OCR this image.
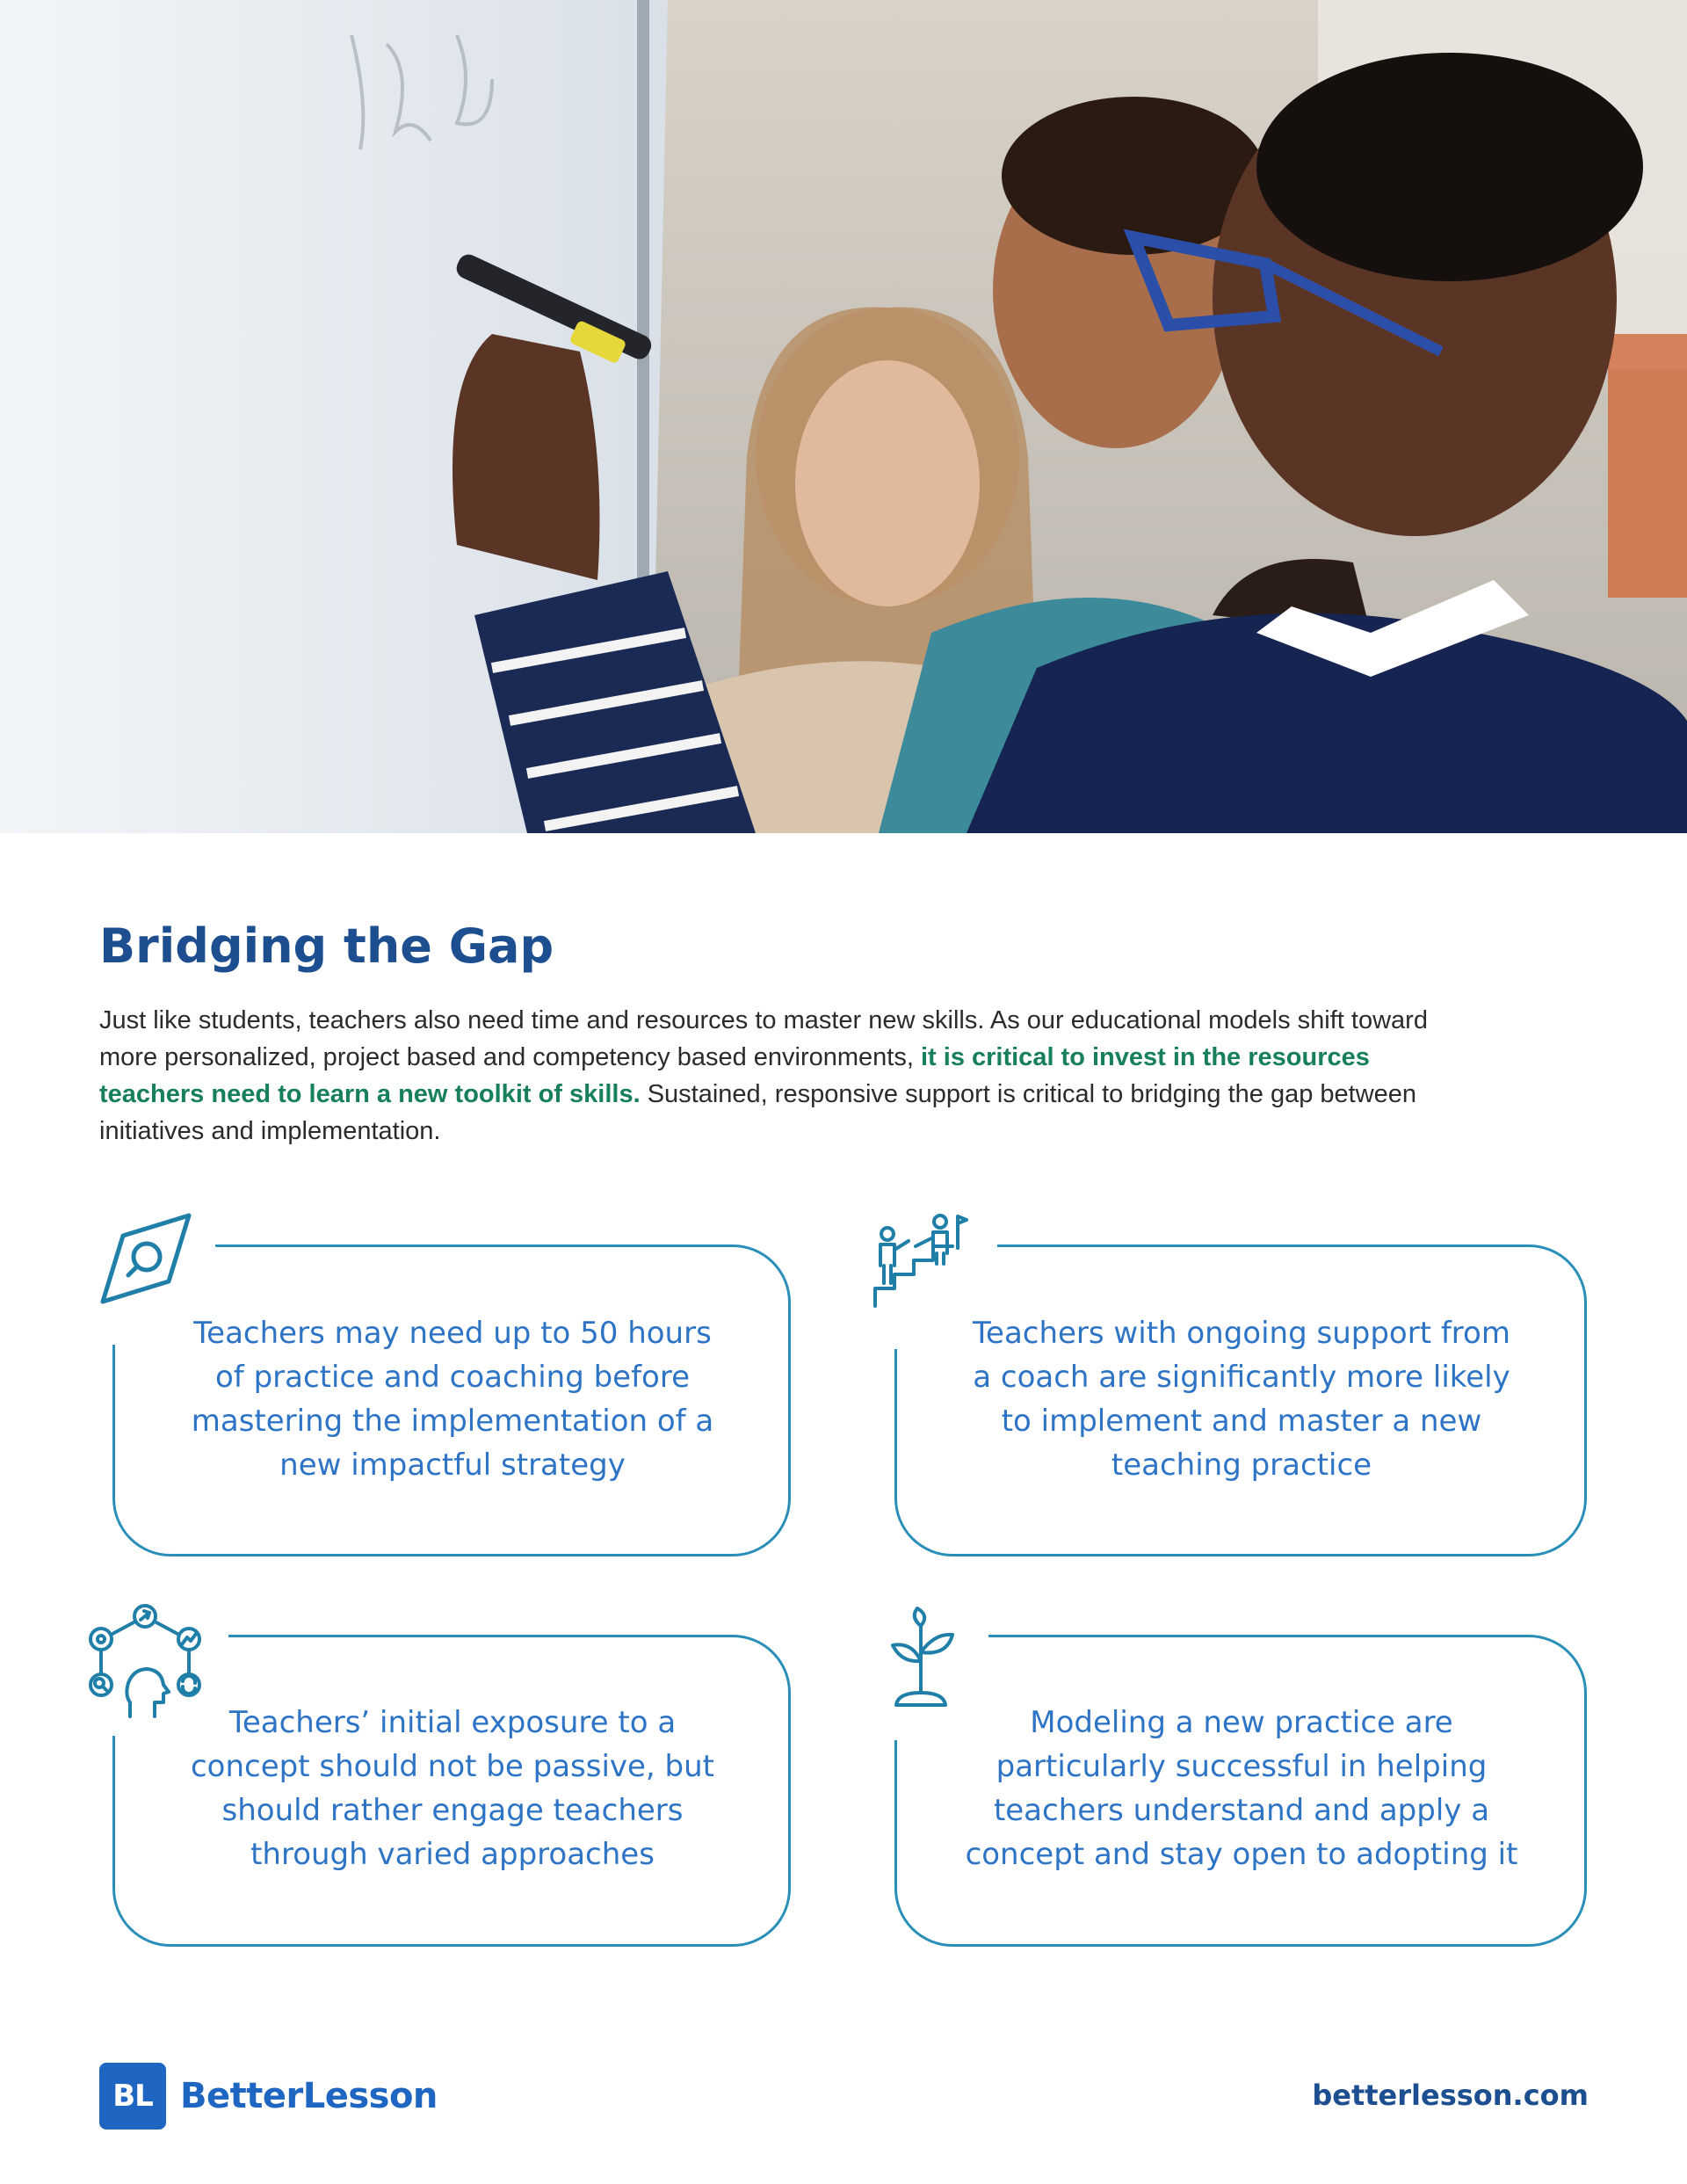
Bridging the Gap

Just like students, teachers also need time and resources to master new skills. As our educational models shift toward more personalized, project based and competency based environments, it is critical to invest in the resources teachers need to learn a new toolkit of skills. Sustained, responsive support is critical to bridging the gap between initiatives and implementation.

Teachers may need up to 50 hours of practice and coaching before mastering the implementation of a new impactful strategy
Teachers with ongoing support from a coach are significantly more likely to implement and master a new teaching practice
Teachers’ initial exposure to a concept should not be passive, but should rather engage teachers through varied approaches
Modeling a new practice are particularly successful in helping teachers understand and apply a concept and stay open to adopting it
BL BetterLesson	betterlesson.com
